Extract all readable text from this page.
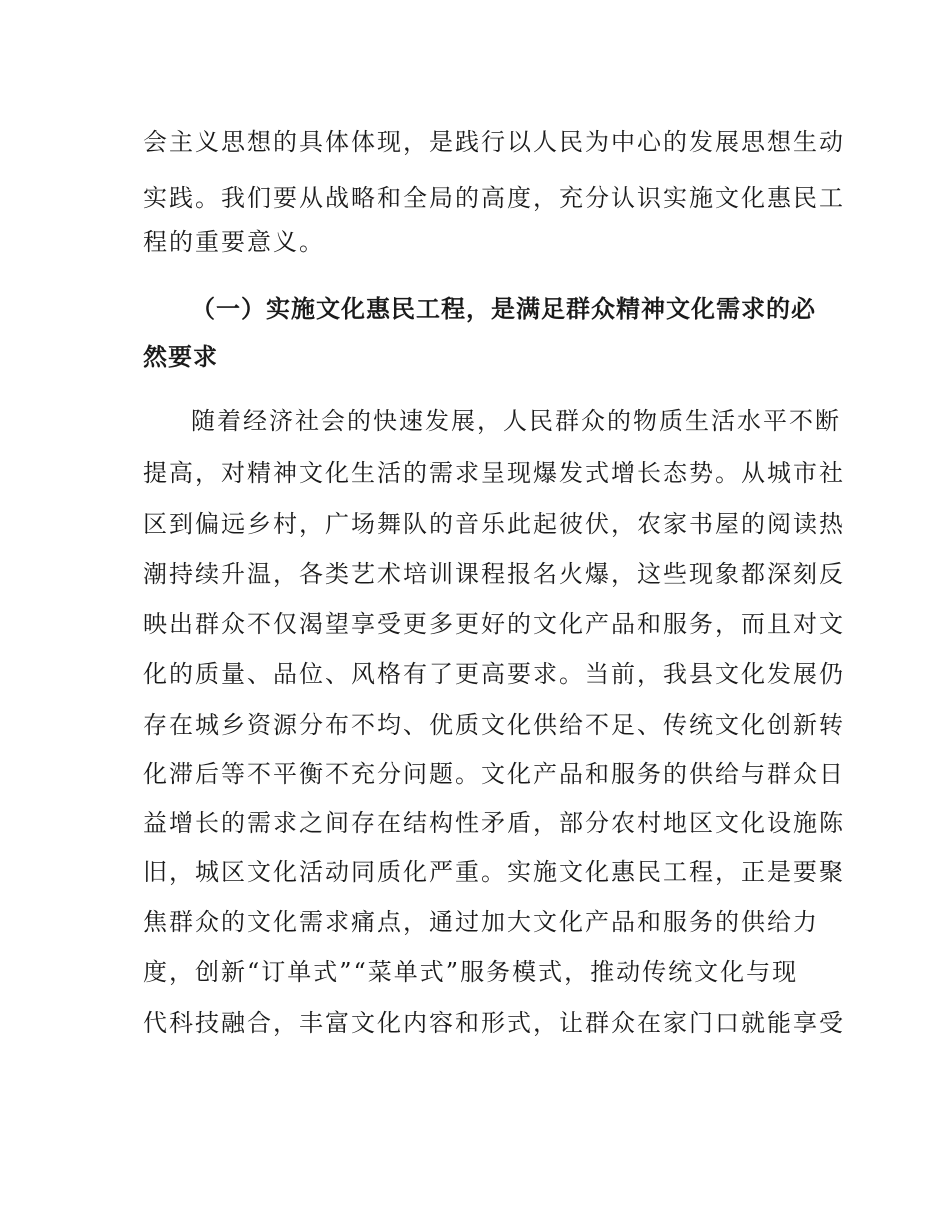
会主义思想的具体体现，是践行以人民为中心的发展思想生动
实践。我们要从战略和全局的高度，充分认识实施文化惠民工
程的重要意义。
（一）实施文化惠民工程，是满足群众精神文化需求的必
然要求
随着经济社会的快速发展，人民群众的物质生活水平不断
提高，对精神文化生活的需求呈现爆发式增长态势。从城市社
区到偏远乡村，广场舞队的音乐此起彼伏，农家书屋的阅读热
潮持续升温，各类艺术培训课程报名火爆，这些现象都深刻反
映出群众不仅渴望享受更多更好的文化产品和服务，而且对文
化的质量、品位、风格有了更高要求。当前，我县文化发展仍
存在城乡资源分布不均、优质文化供给不足、传统文化创新转
化滞后等不平衡不充分问题。文化产品和服务的供给与群众日
益增长的需求之间存在结构性矛盾，部分农村地区文化设施陈
旧，城区文化活动同质化严重。实施文化惠民工程，正是要聚
焦群众的文化需求痛点，通过加大文化产品和服务的供给力
度，创新“订单式”“菜单式”服务模式，推动传统文化与现
代科技融合，丰富文化内容和形式，让群众在家门口就能享受
